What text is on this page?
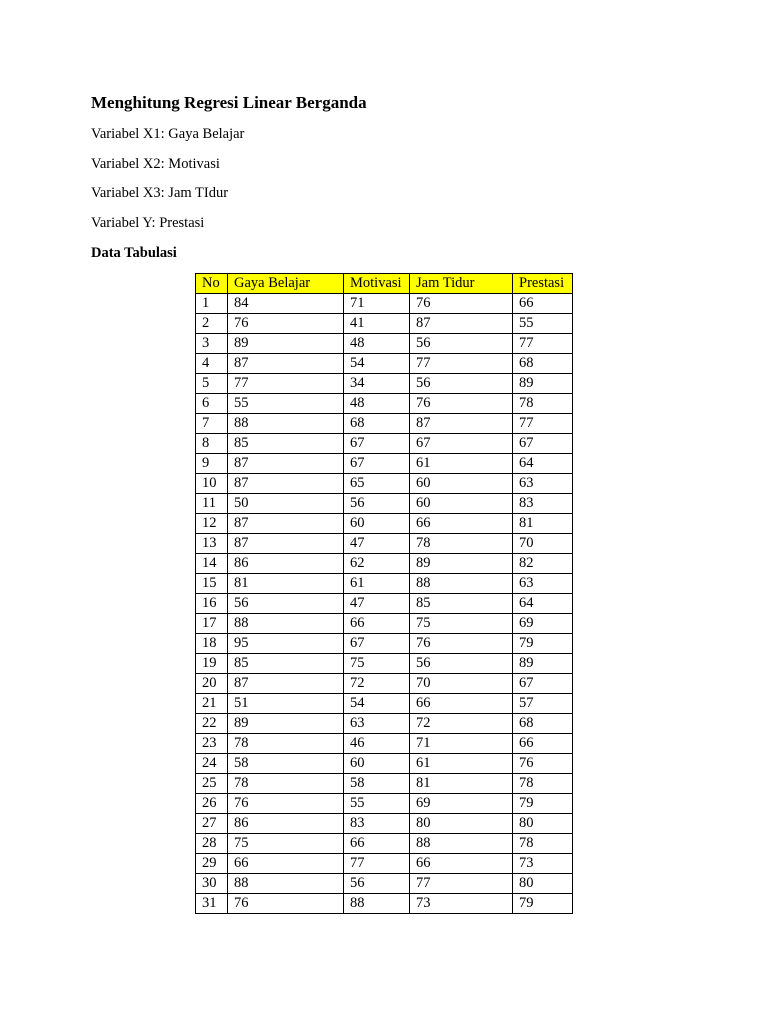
Menghitung Regresi Linear Berganda

Variabel X1: Gaya Belajar

Variabel X2: Motivasi

Variabel X3: Jam TIdur

Variabel Y: Prestasi

Data Tabulasi
No	Gaya Belajar	Motivasi	Jam Tidur	Prestasi
1	84	71	76	66
2	76	41	87	55
3	89	48	56	77
4	87	54	77	68
5	77	34	56	89
6	55	48	76	78
7	88	68	87	77
8	85	67	67	67
9	87	67	61	64
10	87	65	60	63
11	50	56	60	83
12	87	60	66	81
13	87	47	78	70
14	86	62	89	82
15	81	61	88	63
16	56	47	85	64
17	88	66	75	69
18	95	67	76	79
19	85	75	56	89
20	87	72	70	67
21	51	54	66	57
22	89	63	72	68
23	78	46	71	66
24	58	60	61	76
25	78	58	81	78
26	76	55	69	79
27	86	83	80	80
28	75	66	88	78
29	66	77	66	73
30	88	56	77	80
31	76	88	73	79
